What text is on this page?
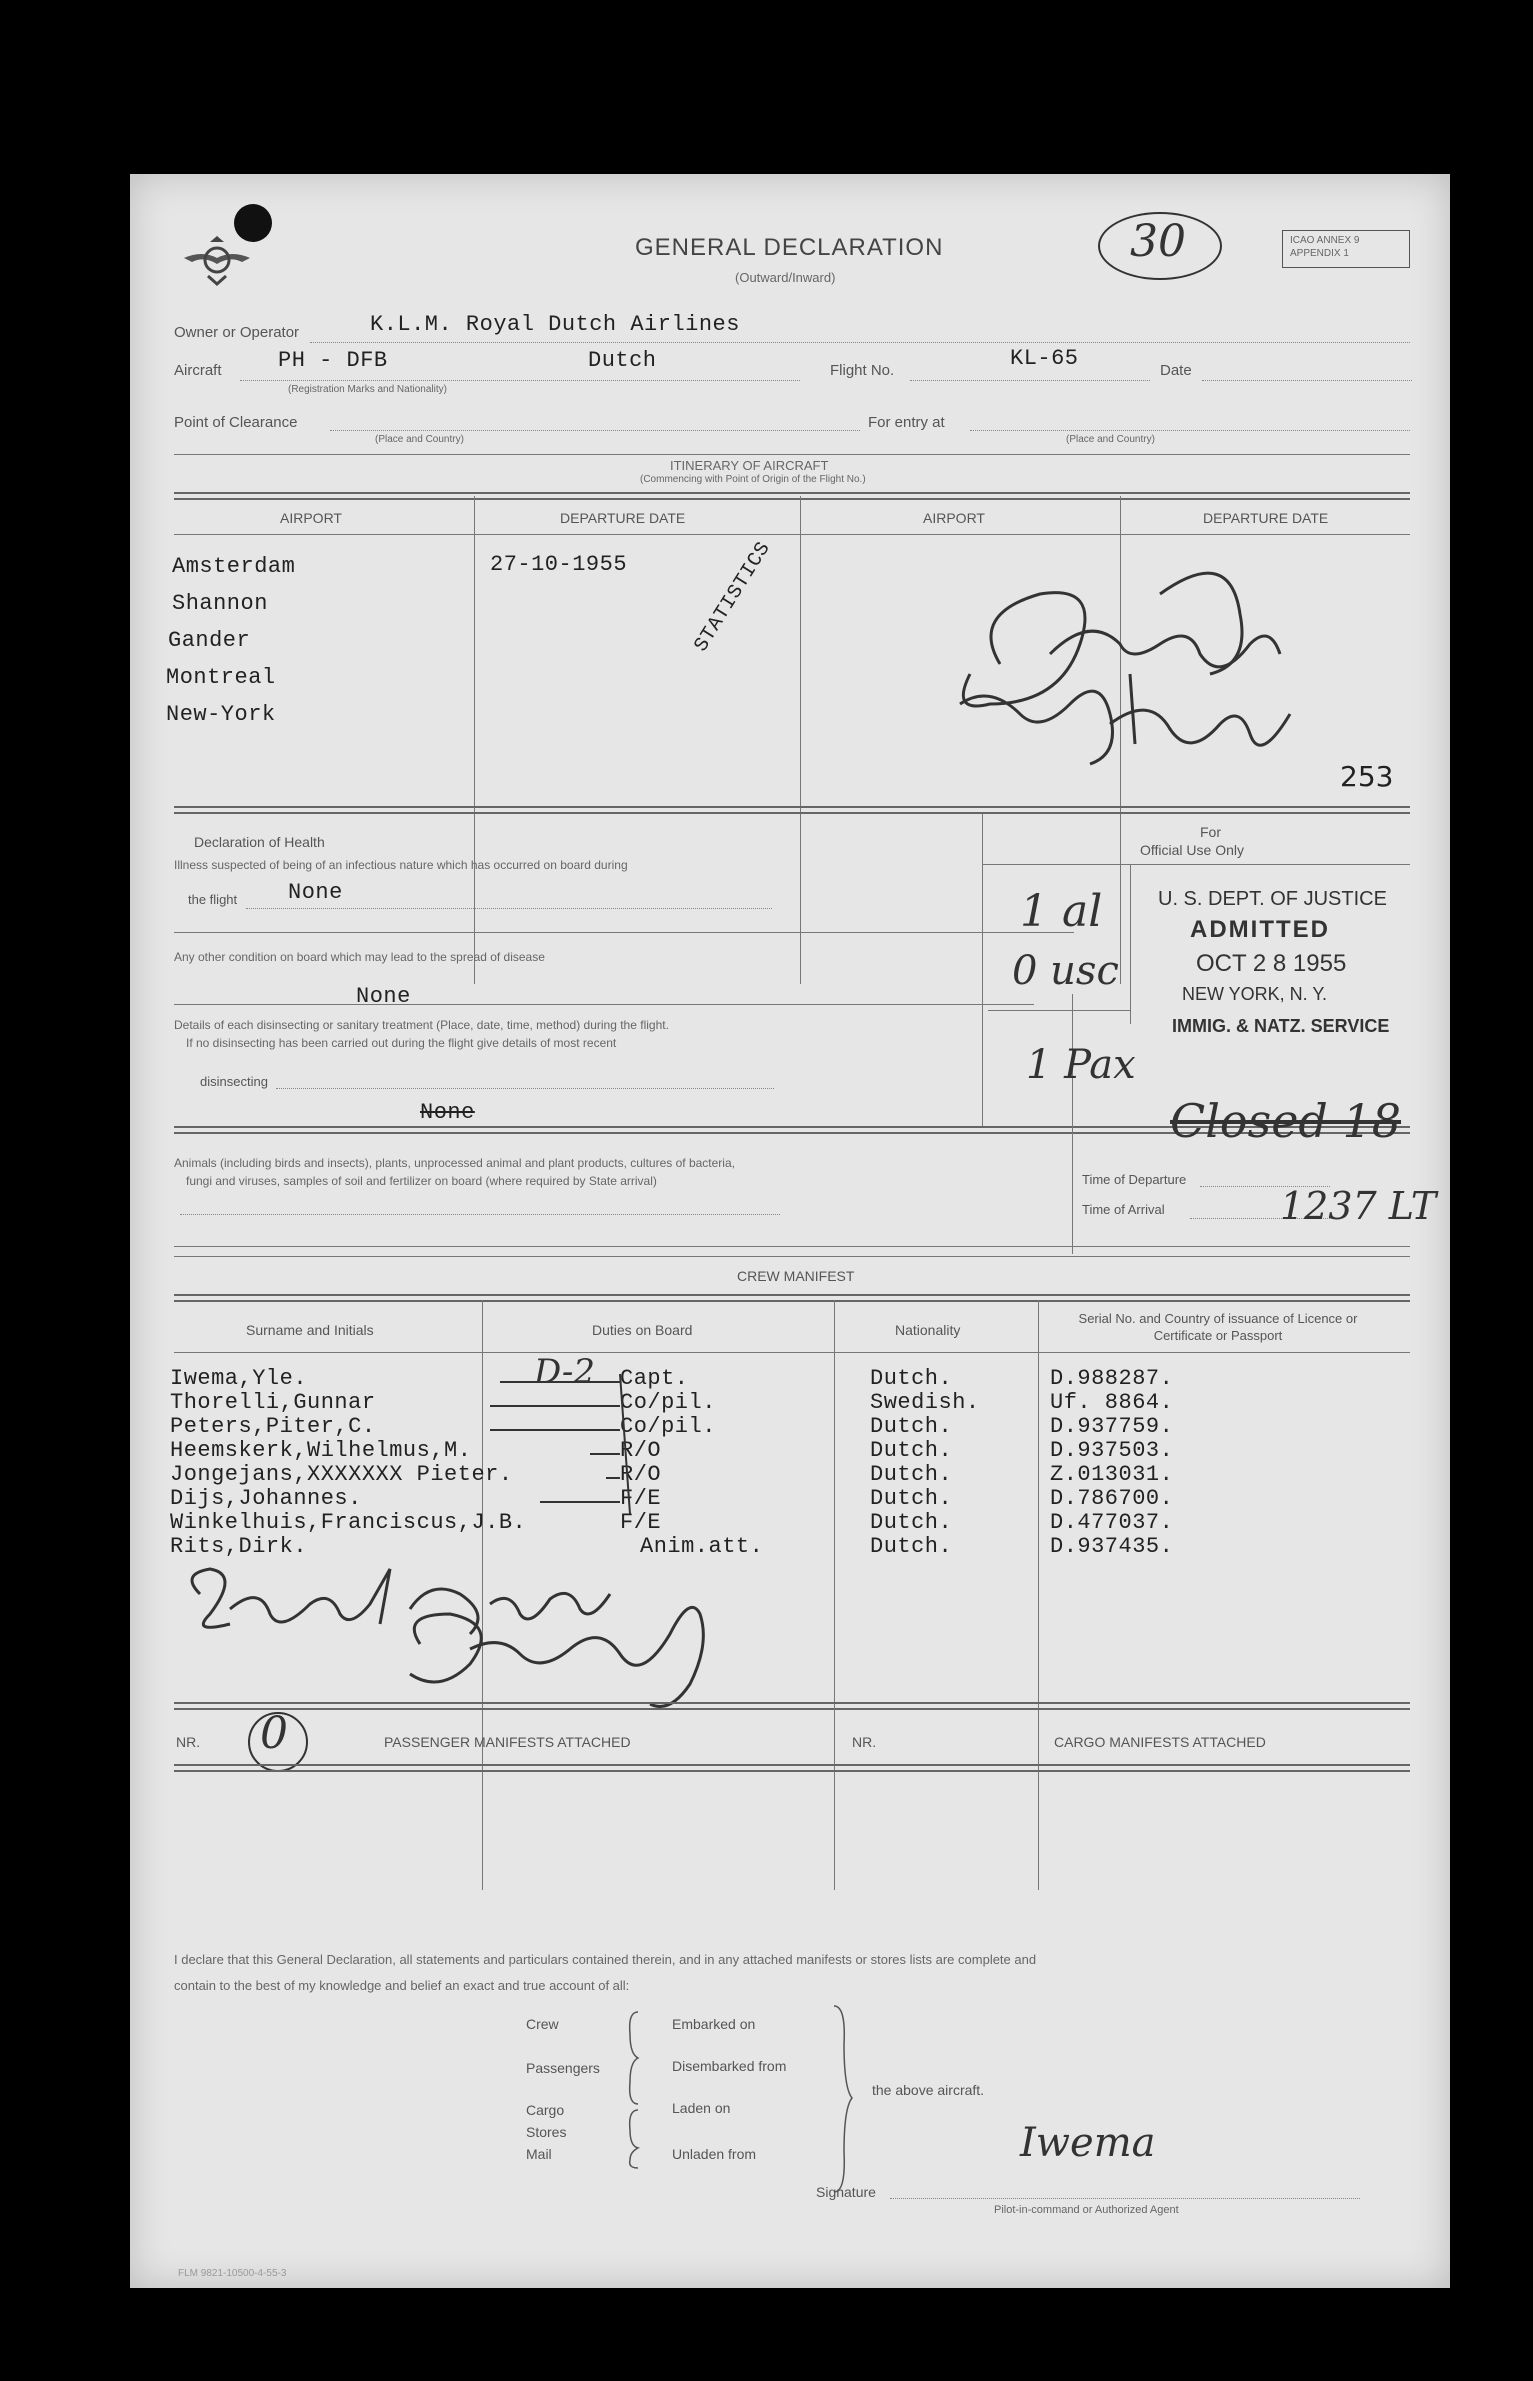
GENERAL DECLARATION
(Outward/Inward)
30	ICAO ANNEX 9 APPENDIX 1
Owner or Operator	K.L.M. Royal Dutch Airlines
Aircraft	PH - DFB	Dutch
(Registration Marks and Nationality)
Flight No.	KL-65	Date
Point of Clearance
(Place and Country)
For entry at
(Place and Country)
ITINERARY OF AIRCRAFT
(Commencing with Point of Origin of the Flight No.)
AIRPORT	DEPARTURE DATE	AIRPORT	DEPARTURE DATE
Amsterdam
Shannon
Gander
Montreal
New-York
27-10-1955	STATISTICS
253
Declaration of Health
Illness suspected of being of an infectious nature which has occurred on board during
the flight None
Any other condition on board which may lead to the spread of disease
None
Details of each disinsecting or sanitary treatment (Place, date, time, method) during the flight.
If no disinsecting has been carried out during the flight give details of most recent
disinsecting
None
Animals (including birds and insects), plants, unprocessed animal and plant products, cultures of bacteria,
fungi and viruses, samples of soil and fertilizer on board (where required by State arrival)
For
Official Use Only
1 al
0 usc
1 Pax
U. S. DEPT. OF JUSTICE
ADMITTED
OCT 2 8 1955
NEW YORK, N. Y.
IMMIG. & NATZ. SERVICE
Closed 18
Time of Departure
Time of Arrival	1237 LT
CREW MANIFEST
Surname and Initials	Duties on Board	Nationality
Serial No. and Country of issuance of Licence or Certificate or Passport
D-2
Iwema,Yle.	Capt.	Dutch.	D.988287.
Thorelli,Gunnar	Co/pil.	Swedish.	Uf. 8864.
Peters,Piter,C.	Co/pil.	Dutch.	D.937759.
Heemskerk,Wilhelmus,M.	R/O	Dutch.	D.937503.
Jongejans,XXXXXXX Pieter.	R/O	Dutch.	Z.013031.
Dijs,Johannes.	F/E	Dutch.	D.786700.
Winkelhuis,Franciscus,J.B.	F/E	Dutch.	D.477037.
Rits,Dirk.	Anim.att.	Dutch.	D.937435.
NR. 0	PASSENGER MANIFESTS ATTACHED	NR.	CARGO MANIFESTS ATTACHED
I declare that this General Declaration, all statements and particulars contained therein, and in any attached manifests or stores lists are complete and
contain to the best of my knowledge and belief an exact and true account of all:
Crew
Passengers
Cargo
Stores
Mail
Embarked on
Disembarked from
Laden on
Unladen from
the above aircraft.
Signature
Pilot-in-command or Authorized Agent
Iwema
FLM 9821-10500-4-55-3
